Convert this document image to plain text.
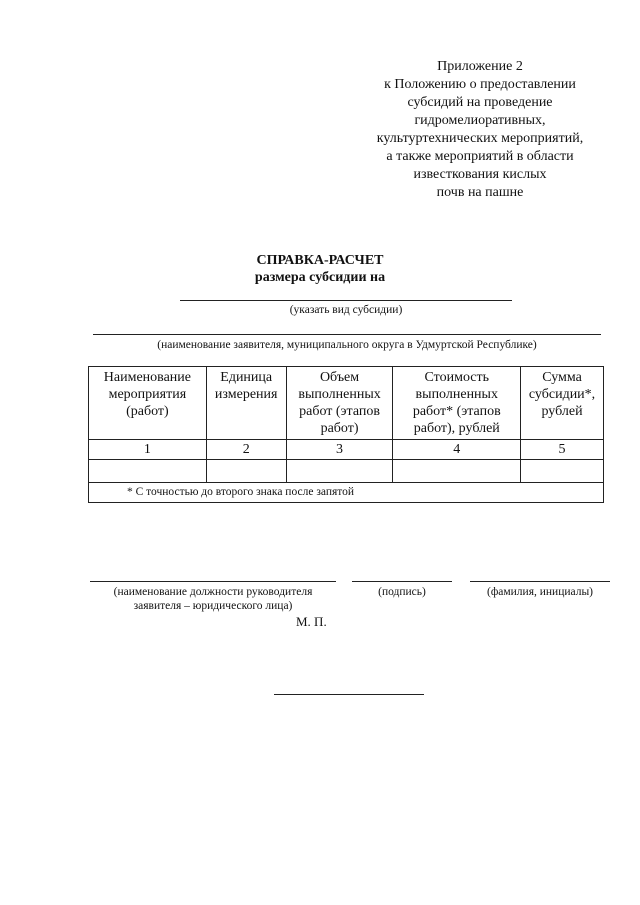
Приложение 2
к Положению о предоставлении
субсидий на проведение
гидромелиоративных,
культуртехнических мероприятий,
а также мероприятий в области
известкования кислых
почв на пашне
СПРАВКА-РАСЧЕТ
размера субсидии на
(указать вид субсидии)
(наименование заявителя, муниципального округа в Удмуртской Республике)
Наименование мероприятия (работ)	Единица измерения	Объем выполненных работ (этапов работ)	Стоимость выполненных работ* (этапов работ), рублей	Сумма субсидии*, рублей
1	2	3	4	5

* С точностью до второго знака после запятой				
(наименование должности руководителя
заявителя – юридического лица)
(подпись)	(фамилия, инициалы)
М. П.
